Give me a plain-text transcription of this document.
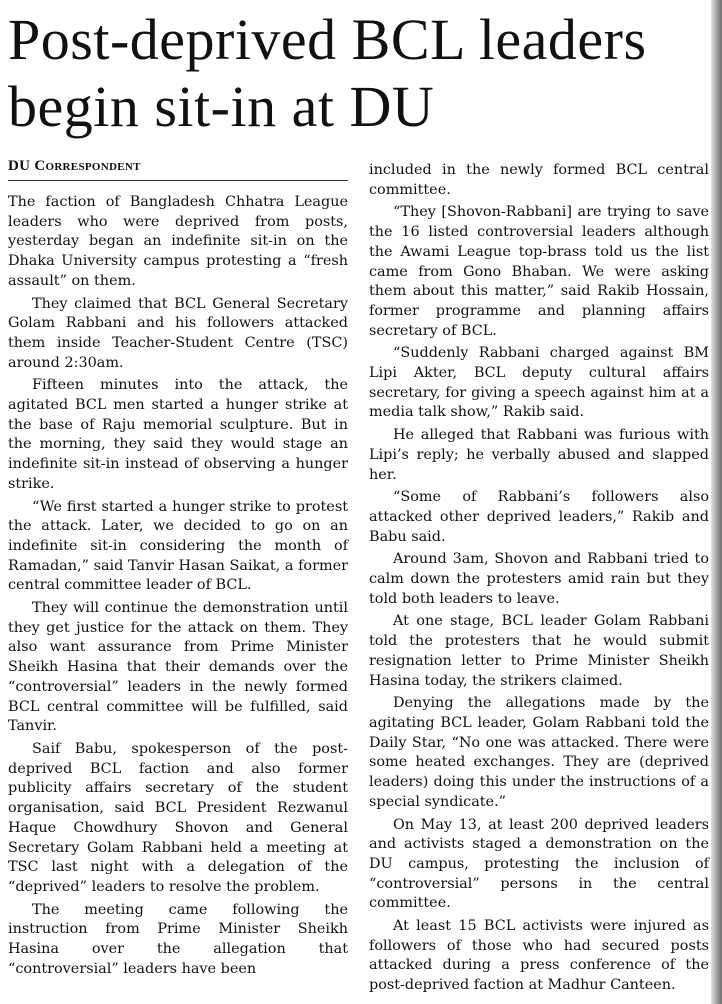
Post-deprived BCL leaders begin sit-in at DU
DU Correspondent

The faction of Bangladesh Chhatra League leaders who were deprived from posts, yesterday began an indefinite sit-in on the Dhaka University campus protesting a “fresh assault” on them.

They claimed that BCL General Secretary Golam Rabbani and his followers attacked them inside Teacher-Student Centre (TSC) around 2:30am.

Fifteen minutes into the attack, the agitated BCL men started a hunger strike at the base of Raju memorial sculpture. But in the morning, they said they would stage an indefinite sit-in instead of observing a hunger strike.

“We first started a hunger strike to protest the attack. Later, we decided to go on an indefinite sit-in considering the month of Ramadan,” said Tanvir Hasan Saikat, a former central committee leader of BCL.

They will continue the demonstration until they get justice for the attack on them. They also want assurance from Prime Minister Sheikh Hasina that their demands over the “controversial” leaders in the newly formed BCL central committee will be fulfilled, said Tanvir.

Saif Babu, spokesperson of the post-deprived BCL faction and also former publicity affairs secretary of the student organisation, said BCL President Rezwanul Haque Chowdhury Shovon and General Secretary Golam Rabbani held a meeting at TSC last night with a delegation of the “deprived” leaders to resolve the problem.

The meeting came following the instruction from Prime Minister Sheikh Hasina over the allegation that “controversial” leaders have been

included in the newly formed BCL central committee.

“They [Shovon-Rabbani] are trying to save the 16 listed controversial leaders although the Awami League top-brass told us the list came from Gono Bhaban. We were asking them about this matter,” said Rakib Hossain, former programme and planning affairs secretary of BCL.

“Suddenly Rabbani charged against BM Lipi Akter, BCL deputy cultural affairs secretary, for giving a speech against him at a media talk show,” Rakib said.

He alleged that Rabbani was furious with Lipi’s reply; he verbally abused and slapped her.

“Some of Rabbani’s followers also attacked other deprived leaders,” Rakib and Babu said.

Around 3am, Shovon and Rabbani tried to calm down the protesters amid rain but they told both leaders to leave.

At one stage, BCL leader Golam Rabbani told the protesters that he would submit resignation letter to Prime Minister Sheikh Hasina today, the strikers claimed.

Denying the allegations made by the agitating BCL leader, Golam Rabbani told the Daily Star, “No one was attacked. There were some heated exchanges. They are (deprived leaders) doing this under the instructions of a special syndicate.”

On May 13, at least 200 deprived leaders and activists staged a demonstration on the DU campus, protesting the inclusion of “controversial” persons in the central committee.

At least 15 BCL activists were injured as followers of those who had secured posts attacked during a press conference of the post-deprived faction at Madhur Canteen.
